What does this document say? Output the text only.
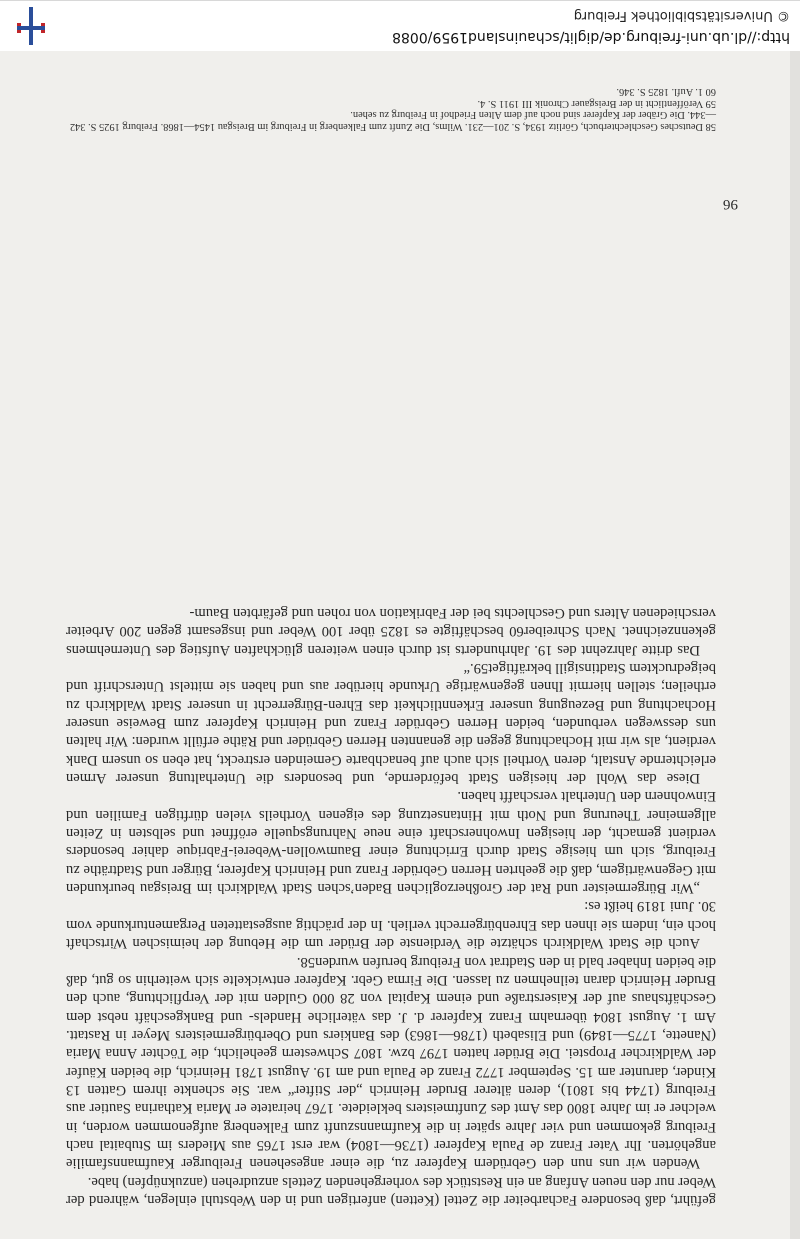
geführt, daß besondere Facharbeiter die Zettel (Ketten) anfertigen und in den Webstuhl einlegen, während der Weber nur den neuen Anfang an ein Reststück des vorhergehenden Zettels anzudrehen (anzuknüpfen) habe.

Wenden wir uns nun den Gebrüdern Kapferer zu, die einer angesehenen Freiburger Kaufmannsfamilie angehörten. Ihr Vater Franz de Paula Kapferer (1736—1804) war erst 1765 aus Mieders im Stubaital nach Freiburg gekommen und vier Jahre später in die Kaufmannszunft zum Falkenberg aufgenommen worden, in welcher er im Jahre 1800 das Amt des Zunftmeisters bekleidete. 1767 heiratete er Maria Katharina Sautier aus Freiburg (1744 bis 1801), deren älterer Bruder Heinrich „der Stifter“ war. Sie schenkte ihrem Gatten 13 Kinder, darunter am 15. September 1772 Franz de Paula und am 19. August 1781 Heinrich, die beiden Käufer der Waldkircher Propstei. Die Brüder hatten 1797 bzw. 1807 Schwestern geehelicht, die Töchter Anna Maria (Nanette, 1775—1849) und Elisabeth (1786—1863) des Bankiers und Oberbürgermeisters Meyer in Rastatt. Am 1. August 1804 übernahm Franz Kapferer d. J. das väterliche Handels- und Bankgeschäft nebst dem Geschäftshaus auf der Kaiserstraße und einem Kapital von 28 000 Gulden mit der Verpflichtung, auch den Bruder Heinrich daran teilnehmen zu lassen. Die Firma Gebr. Kapferer entwickelte sich weiterhin so gut, daß die beiden Inhaber bald in den Stadtrat von Freiburg berufen wurden58.

Auch die Stadt Waldkirch schätzte die Verdienste der Brüder um die Hebung der heimischen Wirtschaft hoch ein, indem sie ihnen das Ehrenbürgerrecht verlieh. In der prächtig ausgestatteten Pergamenturkunde vom 30. Juni 1819 heißt es:

„Wir Bürgermeister und Rat der Großherzoglichen Baden’schen Stadt Waldkirch im Breisgau beurkunden mit Gegenwärtigem, daß die geehrten Herren Gebrüder Franz und Heinrich Kapferer, Bürger und Stadträthe zu Freiburg, sich um hiesige Stadt durch Errichtung einer Baumwollen-Weberei-Fabrique dahier besonders verdient gemacht, der hiesigen Inwohnerschaft eine neue Nahrungsquelle eröffnet und selbsten in Zeiten allgemeiner Theurung und Noth mit Hintansetzung des eigenen Vortheils vielen dürftigen Familien und Einwohnern den Unterhalt verschafft haben.

Diese das Wohl der hiesigen Stadt befördernde, und besonders die Unterhaltung unserer Armen erleichternde Anstalt, deren Vortheil sich auch auf benachbarte Gemeinden erstreckt, hat eben so unsern Dank verdient, als wir mit Hochachtung gegen die genannten Herren Gebrüder und Räthe erfüllt wurden: Wir halten uns desswegen verbunden, beiden Herren Gebrüder Franz und Heinrich Kapferer zum Beweise unserer Hochachtung und Bezeugung unserer Erkenntlichkeit das Ehren-Bürgerrecht in unserer Stadt Waldkirch zu ertheilen; stellen hiermit Ihnen gegenwärtige Urkunde hierüber aus und haben sie mittelst Unterschrift und beigedrucktem Stadtinsigill bekräftiget59.“

Das dritte Jahrzehnt des 19. Jahrhunderts ist durch einen weiteren glückhaften Aufstieg des Unternehmens gekennzeichnet. Nach Schreiber60 beschäftigte es 1825 über 100 Weber und insgesamt gegen 200 Arbeiter verschiedenen Alters und Geschlechts bei der Fabrikation von rohen und gefärbten Baum-

58 Deutsches Geschlechterbuch, Görlitz 1934, S. 201—231. Wilms, Die Zunft zum Falkenberg in Freiburg im Breisgau 1454—1868. Freiburg 1925 S. 342—344. Die Gräber der Kapferer sind noch auf dem Alten Friedhof in Freiburg zu sehen.

59 Veröffentlicht in der Breisgauer Chronik III 1911 S. 4.

60 1. Aufl. 1825 S. 346.

96
http://dl.ub.uni-freiburg.de/diglit/schauinsland1959/0088
© Universitätsbibliothek Freiburg
